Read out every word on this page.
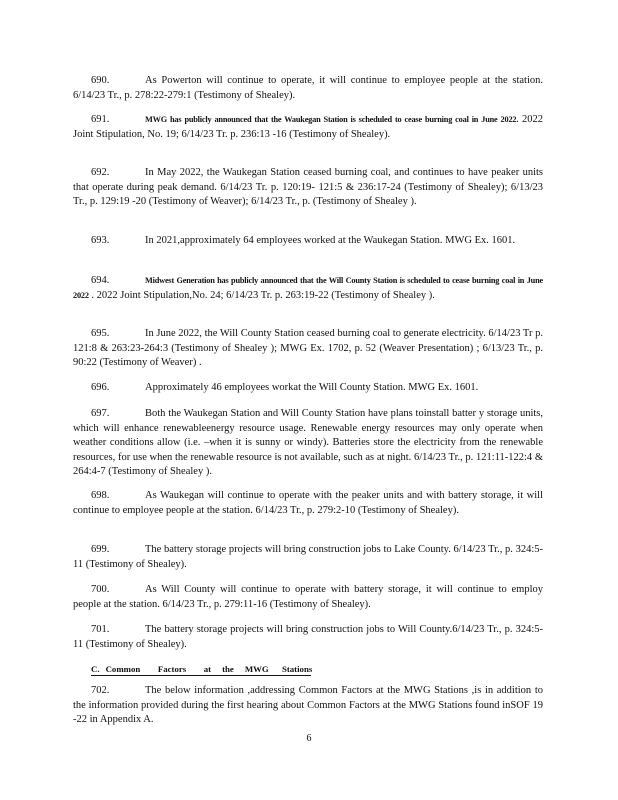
690.	As Powerton will continue to operate, it will continue to employee people at the station. 6/14/23 Tr., p. 278:22-279:1 (Testimony of Shealey).

691.	MWG has publicly announced that the Waukegan Station is scheduled to cease burning coal in June 2022. 2022 Joint Stipulation, No. 19; 6/14/23 Tr. p. 236:13 -16 (Testimony of Shealey).

692.	In May 2022, the Waukegan Station ceased burning coal, and continues to have peaker units that operate during peak demand. 6/14/23 Tr. p. 120:19- 121:5 & 236:17-24 (Testimony of Shealey); 6/13/23 Tr., p. 129:19 -20 (Testimony of Weaver); 6/14/23 Tr., p. (Testimony of Shealey ).

693.	In 2021,approximately 64 employees worked at the Waukegan Station. MWG Ex. 1601.

694.	Midwest Generation has publicly announced that the Will County Station is scheduled to cease burning coal in June 2022 . 2022 Joint Stipulation,No. 24; 6/14/23 Tr. p. 263:19-22 (Testimony of Shealey ).

695.	In June 2022, the Will County Station ceased burning coal to generate electricity. 6/14/23 Tr p. 121:8 & 263:23-264:3 (Testimony of Shealey ); MWG Ex. 1702, p. 52 (Weaver Presentation) ; 6/13/23 Tr., p. 90:22 (Testimony of Weaver) .

696.	Approximately 46 employees workat the Will County Station. MWG Ex. 1601.

697.	Both the Waukegan Station and Will County Station have plans toinstall batter y storage units, which will enhance renewableenergy resource usage. Renewable energy resources may only operate when weather conditions allow (i.e. –when it is sunny or windy). Batteries store the electricity from the renewable resources, for use when the renewable resource is not available, such as at night. 6/14/23 Tr., p. 121:11-122:4 & 264:4-7 (Testimony of Shealey ).

698.	As Waukegan will continue to operate with the peaker units and with battery storage, it will continue to employee people at the station. 6/14/23 Tr., p. 279:2-10 (Testimony of Shealey).

699.	The battery storage projects will bring construction jobs to Lake County. 6/14/23 Tr., p. 324:5-11 (Testimony of Shealey).

700.	As Will County will continue to operate with battery storage, it will continue to employ people at the station. 6/14/23 Tr., p. 279:11-16 (Testimony of Shealey).

701.	The battery storage projects will bring construction jobs to Will County.6/14/23 Tr., p. 324:5-11 (Testimony of Shealey).

C. Common        Factors        at     the     MWG      Stations

702.	The below information ,addressing Common Factors at the MWG Stations ,is in addition to the information provided during the first hearing about Common Factors at the MWG Stations found inSOF 19 -22 in Appendix A.

6
